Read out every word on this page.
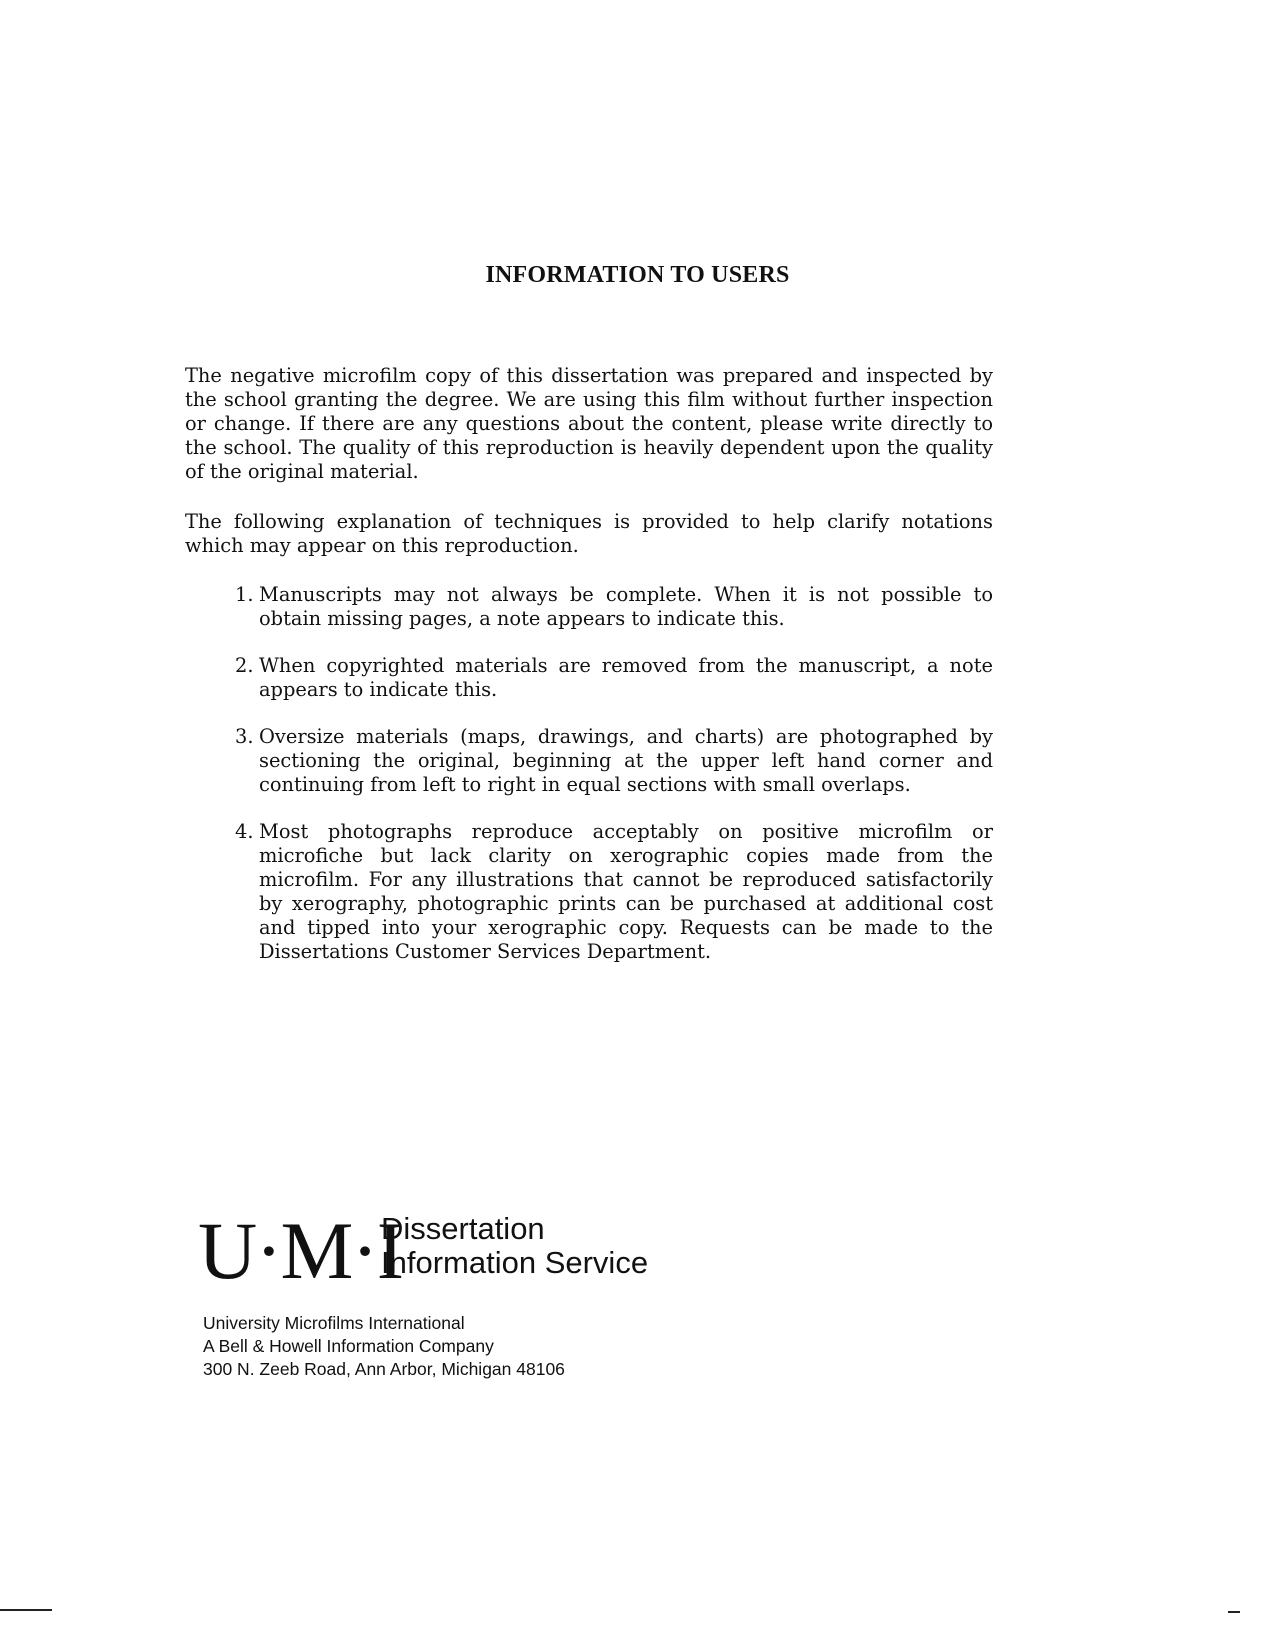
INFORMATION TO USERS

The negative microfilm copy of this dissertation was prepared and inspected by the school granting the degree. We are using this film without further inspection or change. If there are any questions about the content, please write directly to the school. The quality of this reproduction is heavily dependent upon the quality of the original material.

The following explanation of techniques is provided to help clarify notations which may appear on this reproduction.

1. Manuscripts may not always be complete. When it is not possible to obtain missing pages, a note appears to indicate this.
2. When copyrighted materials are removed from the manuscript, a note appears to indicate this.
3. Oversize materials (maps, drawings, and charts) are photographed by sectioning the original, beginning at the upper left hand corner and continuing from left to right in equal sections with small overlaps.
4. Most photographs reproduce acceptably on positive microfilm or microfiche but lack clarity on xerographic copies made from the microfilm. For any illustrations that cannot be reproduced satisfactorily by xerography, photographic prints can be purchased at additional cost and tipped into your xerographic copy. Requests can be made to the Dissertations Customer Services Department.
U·M·I
Dissertation
Information Service
University Microfilms International
A Bell & Howell Information Company
300 N. Zeeb Road, Ann Arbor, Michigan 48106
